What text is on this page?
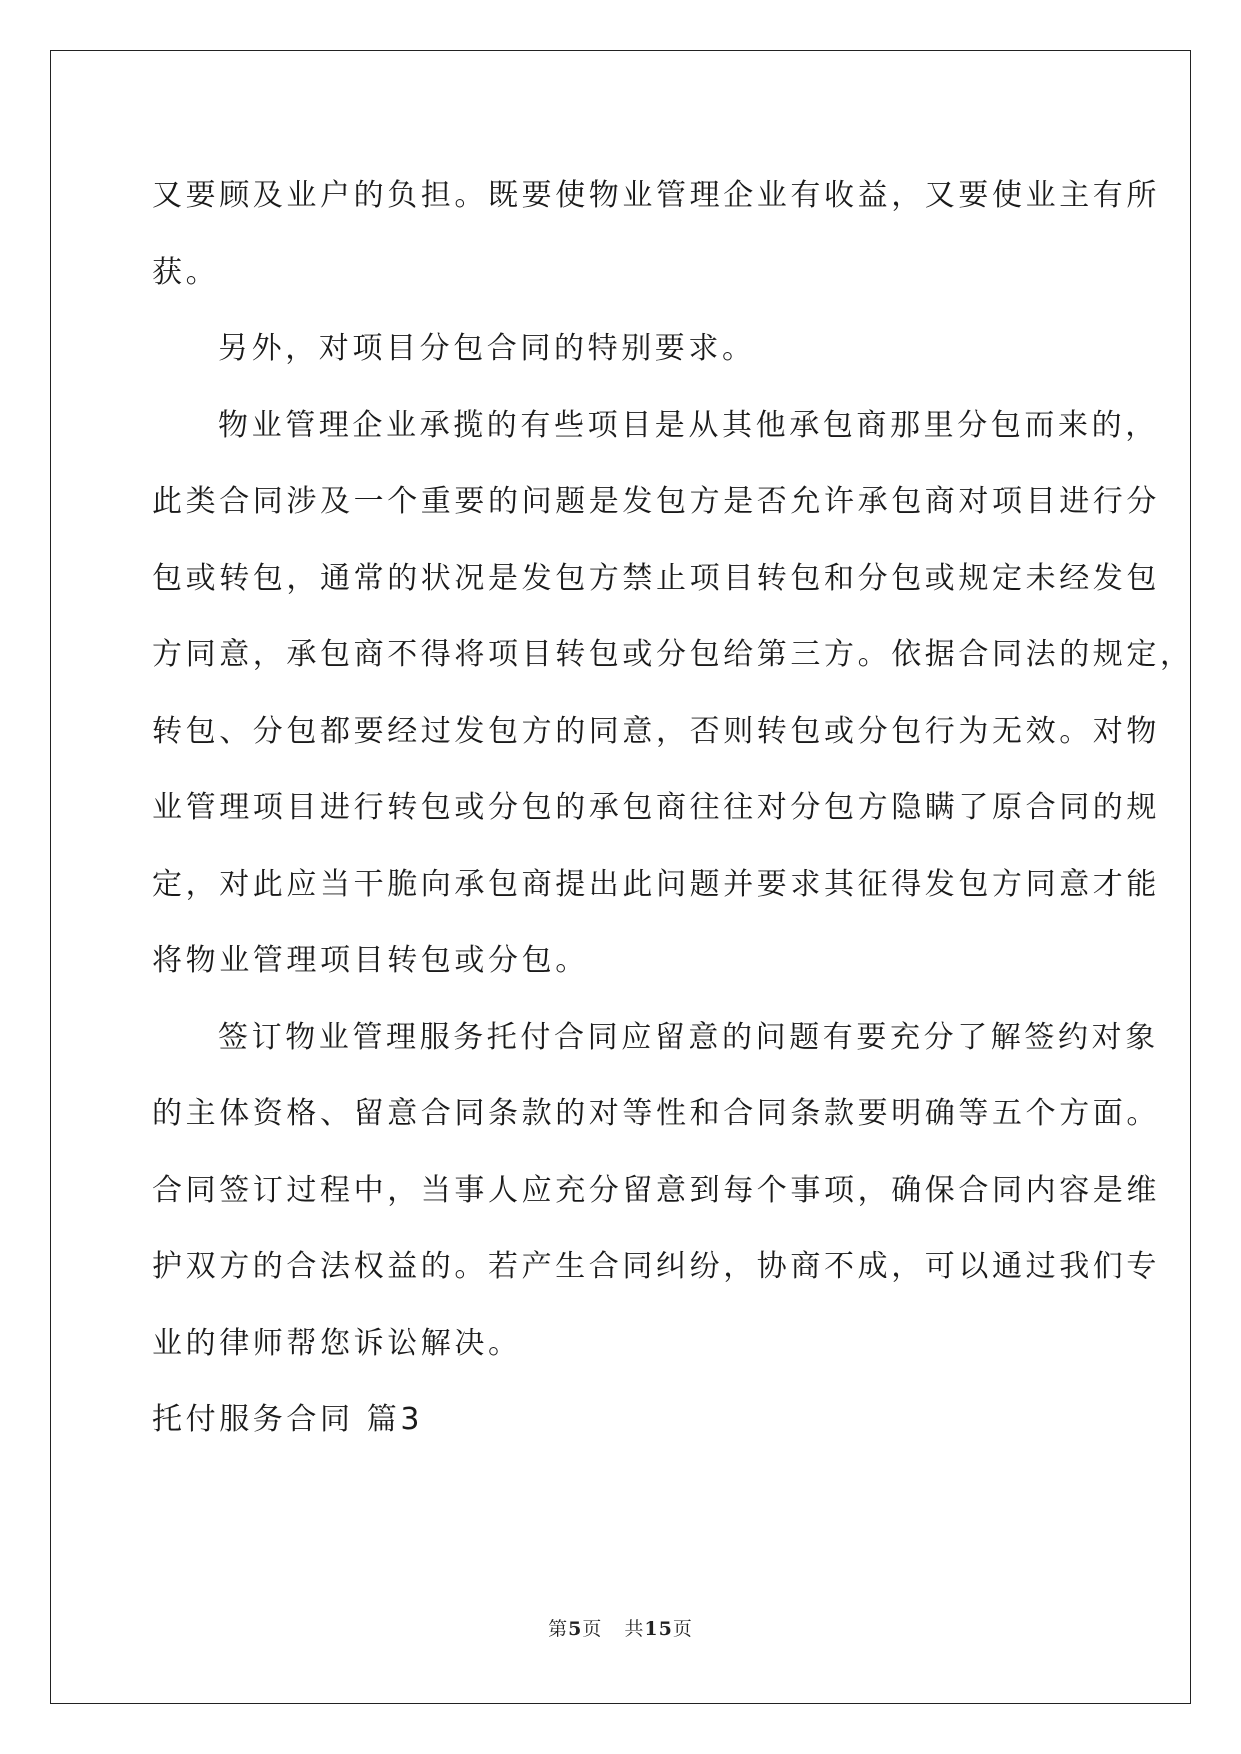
又要顾及业户的负担。既要使物业管理企业有收益，又要使业主有所
获。
另外，对项目分包合同的特别要求。
物业管理企业承揽的有些项目是从其他承包商那里分包而来的，
此类合同涉及一个重要的问题是发包方是否允许承包商对项目进行分
包或转包，通常的状况是发包方禁止项目转包和分包或规定未经发包
方同意，承包商不得将项目转包或分包给第三方。依据合同法的规定，
转包、分包都要经过发包方的同意，否则转包或分包行为无效。对物
业管理项目进行转包或分包的承包商往往对分包方隐瞒了原合同的规
定，对此应当干脆向承包商提出此问题并要求其征得发包方同意才能
将物业管理项目转包或分包。
签订物业管理服务托付合同应留意的问题有要充分了解签约对象
的主体资格、留意合同条款的对等性和合同条款要明确等五个方面。
合同签订过程中，当事人应充分留意到每个事项，确保合同内容是维
护双方的合法权益的。若产生合同纠纷，协商不成，可以通过我们专
业的律师帮您诉讼解决。
托付服务合同 篇3
第5页 共15页
